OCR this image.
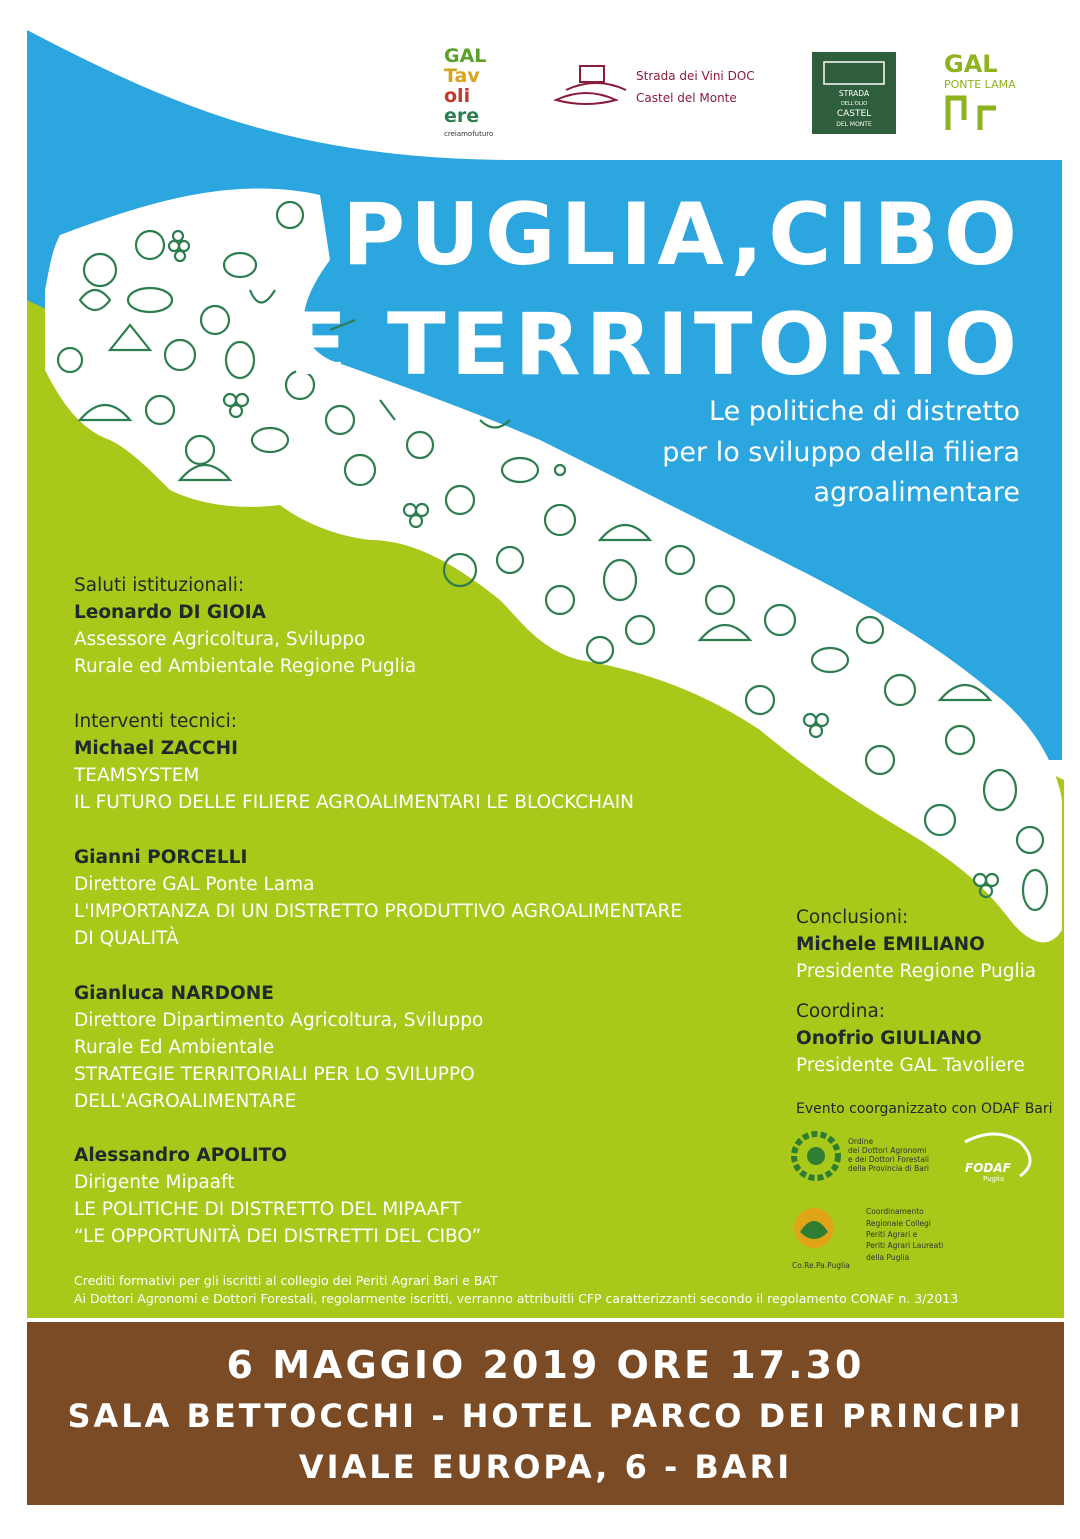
GAL
Tav
oli
ere
creiamofuturo
Strada dei Vini DOC
Castel del Monte	STRADA
DELL'OLIO
CASTEL
DEL MONTE
GAL
PONTE LAMA
PUGLIA,CIBO
E TERRITORIO
Le politiche di distretto
per lo sviluppo della filiera
agroalimentare
Saluti istituzionali:
Leonardo DI GIOIA
Assessore Agricoltura, Sviluppo
Rurale ed Ambientale Regione Puglia
Interventi tecnici:
Michael ZACCHI
TEAMSYSTEM
IL FUTURO DELLE FILIERE AGROALIMENTARI LE BLOCKCHAIN
Gianni PORCELLI
Direttore GAL Ponte Lama
L'IMPORTANZA DI UN DISTRETTO PRODUTTIVO AGROALIMENTARE
DI QUALITÀ
Gianluca NARDONE
Direttore Dipartimento Agricoltura, Sviluppo
Rurale Ed Ambientale
STRATEGIE TERRITORIALI PER LO SVILUPPO
DELL'AGROALIMENTARE
Alessandro APOLITO
Dirigente Mipaaft
LE POLITICHE DI DISTRETTO DEL MIPAAFT
“LE OPPORTUNITÀ DEI DISTRETTI DEL CIBO”
Conclusioni:
Michele EMILIANO
Presidente Regione Puglia
Coordina:
Onofrio GIULIANO
Presidente GAL Tavoliere
Evento coorganizzato con ODAF Bari
Ordine
dei Dottori Agronomi
e dei Dottori Forestali
della Provincia di Bari	FODAF
Puglia
Co.Re.Pa.Puglia
Coordinamento
Regionale Collegi
Periti Agrari e
Periti Agrari Laureati
della Puglia
Crediti formativi per gli iscritti al collegio dei Periti Agrari Bari e BAT
Ai Dottori Agronomi e Dottori Forestali, regolarmente iscritti, verranno attribuitli CFP caratterizzanti secondo il regolamento CONAF n. 3/2013
6 MAGGIO 2019 ORE 17.30
SALA BETTOCCHI - HOTEL PARCO DEI PRINCIPI
VIALE EUROPA, 6 - BARI
